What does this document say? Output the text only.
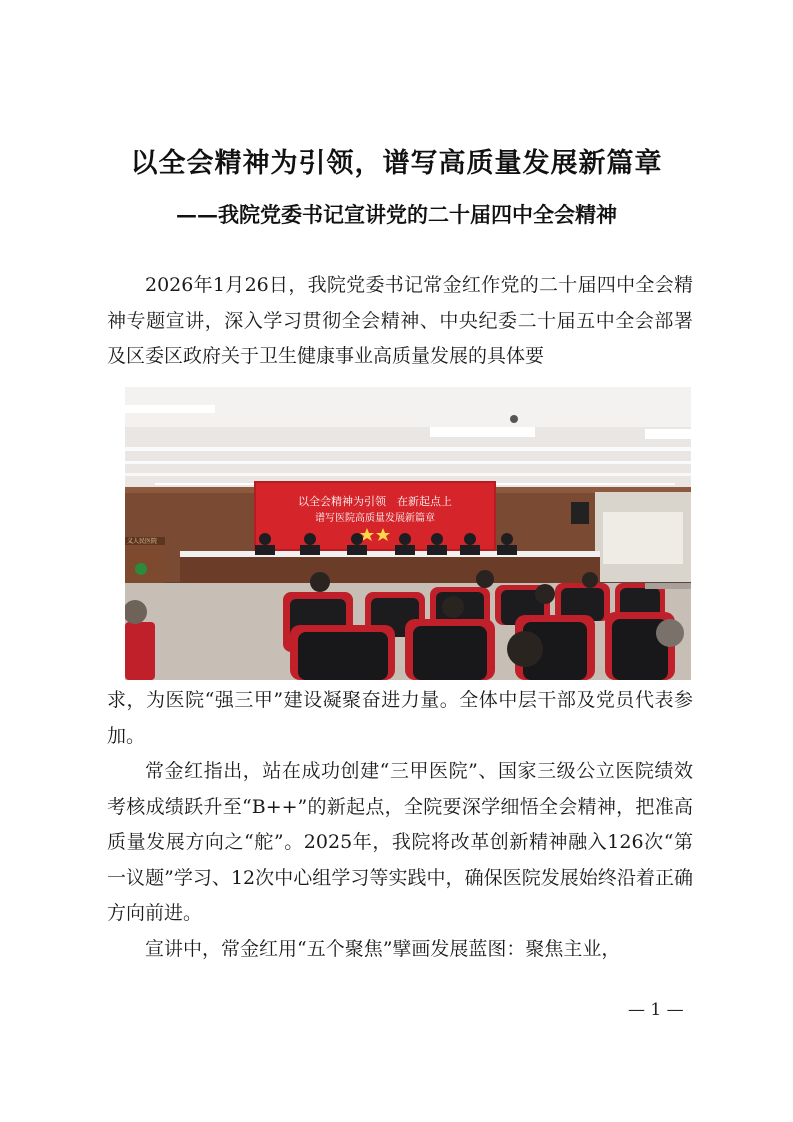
以全会精神为引领，谱写高质量发展新篇章
——我院党委书记宣讲党的二十届四中全会精神

2026年1月26日，我院党委书记常金红作党的二十届四中全会精神专题宣讲，深入学习贯彻全会精神、中央纪委二十届五中全会部署及区委区政府关于卫生健康事业高质量发展的具体要

以全会精神为引领　在新起点上
谱写医院高质量发展新篇章
义人民医院

求，为医院“强三甲”建设凝聚奋进力量。全体中层干部及党员代表参加。

常金红指出，站在成功创建“三甲医院”、国家三级公立医院绩效考核成绩跃升至“B++”的新起点，全院要深学细悟全会精神，把准高质量发展方向之“舵”。2025年，我院将改革创新精神融入126次“第一议题”学习、12次中心组学习等实践中，确保医院发展始终沿着正确方向前进。

宣讲中，常金红用“五个聚焦”擘画发展蓝图：聚焦主业，

— 1 —
